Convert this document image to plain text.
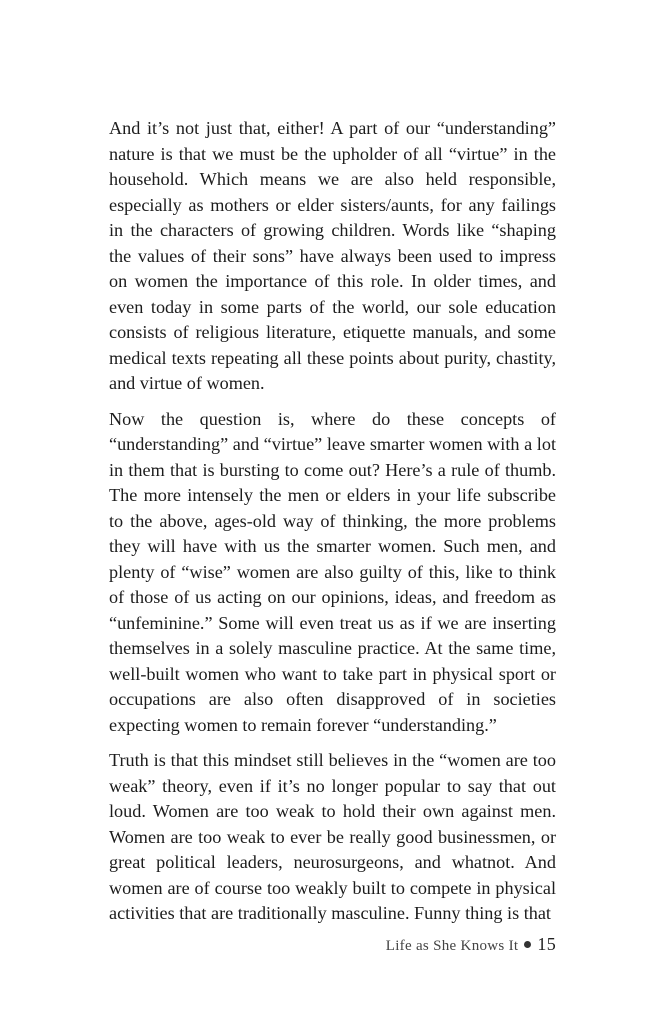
And it’s not just that, either! A part of our “understanding” nature is that we must be the upholder of all “virtue” in the household. Which means we are also held responsible, especially as mothers or elder sisters/aunts, for any failings in the characters of growing children. Words like “shaping the values of their sons” have always been used to impress on women the importance of this role. In older times, and even today in some parts of the world, our sole education consists of religious literature, etiquette manuals, and some medical texts repeating all these points about purity, chastity, and virtue of women.

Now the question is, where do these concepts of “understanding” and “virtue” leave smarter women with a lot in them that is bursting to come out? Here’s a rule of thumb. The more intensely the men or elders in your life subscribe to the above, ages-old way of thinking, the more problems they will have with us the smarter women. Such men, and plenty of “wise” women are also guilty of this, like to think of those of us acting on our opinions, ideas, and freedom as “unfeminine.” Some will even treat us as if we are inserting themselves in a solely masculine practice. At the same time, well-built women who want to take part in physical sport or occupations are also often disapproved of in societies expecting women to remain forever “understanding.”

Truth is that this mindset still believes in the “women are too weak” theory, even if it’s no longer popular to say that out loud. Women are too weak to hold their own against men. Women are too weak to ever be really good businessmen, or great political leaders, neurosurgeons, and whatnot. And women are of course too weakly built to compete in physical activities that are traditionally masculine. Funny thing is that

Life as She Knows It 15
